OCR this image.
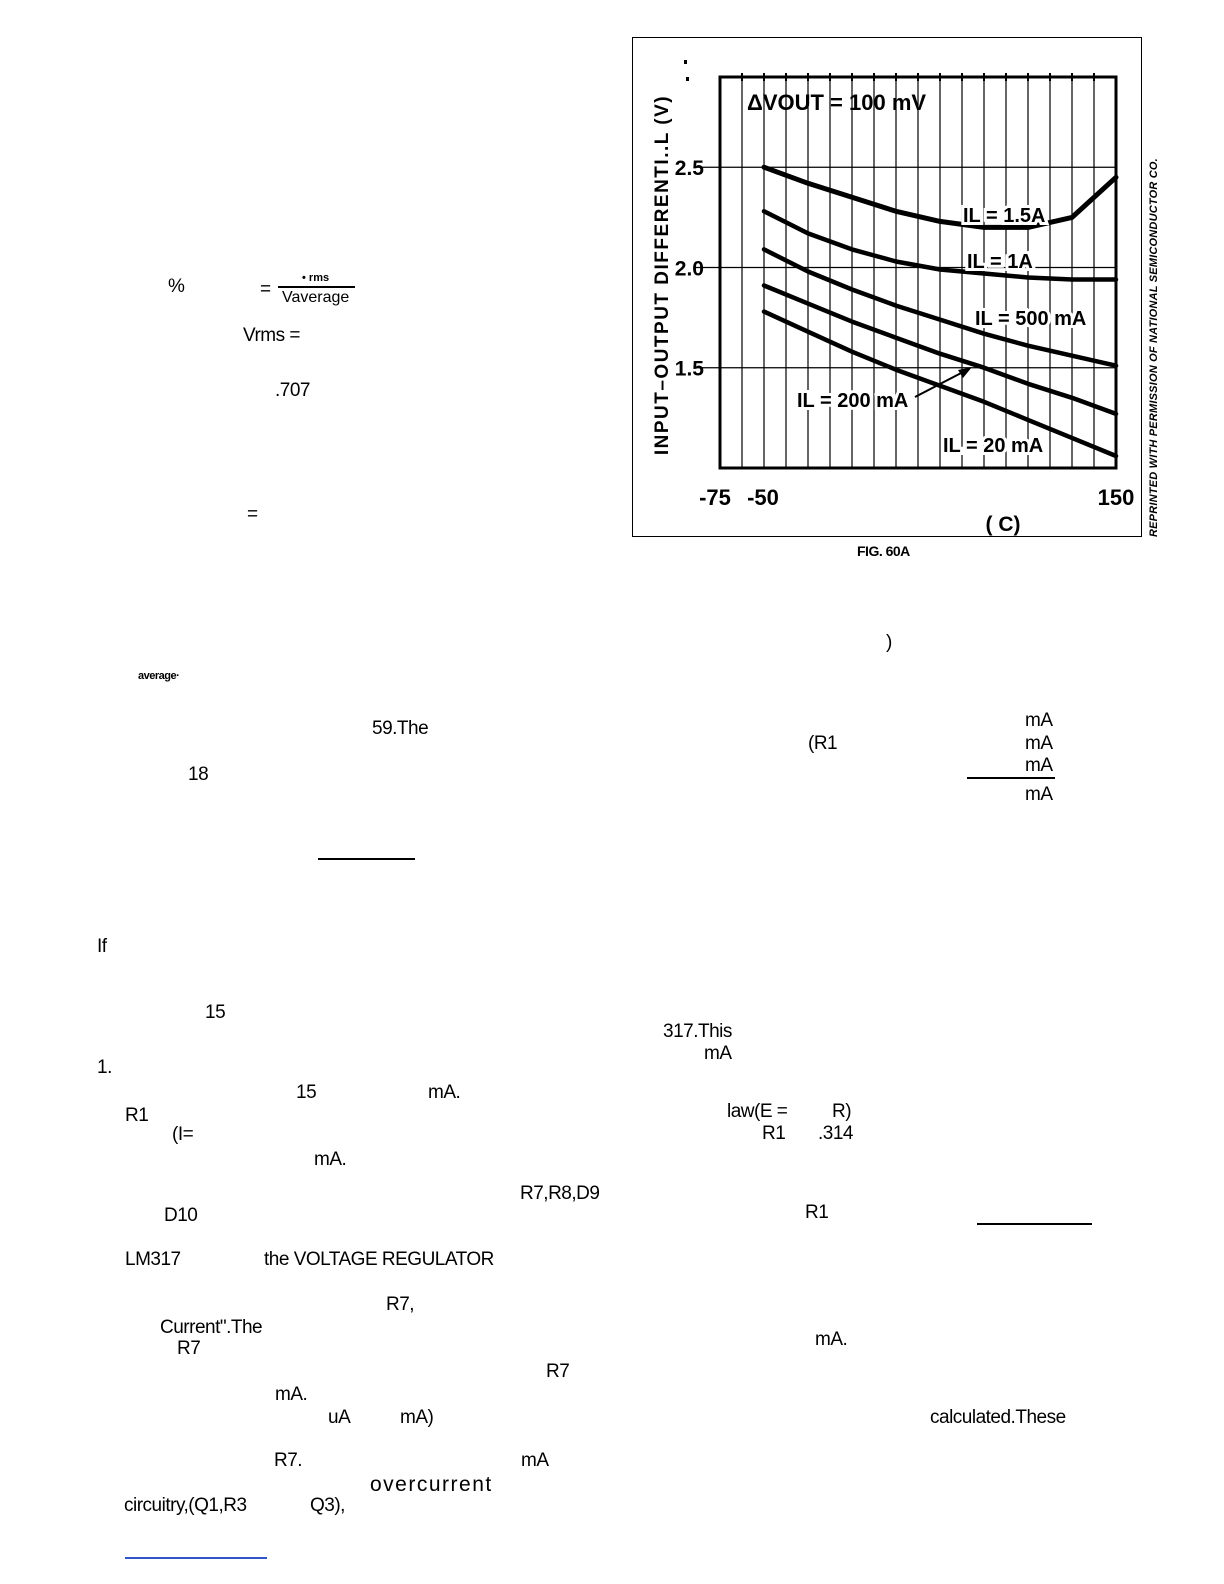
%	=
• rms
Vaverage
Vrms =
.707
=
average·
59.The
18
If
15
1.
15	mA.
R1
(I=
mA.
R7,R8,D9
D10
LM317	the VOLTAGE REGULATOR
R7,
Current".The
R7
R7
mA.
uA	mA)
R7.	mA
overcurrent
circuitry,(Q1,R3	Q3),
)
mA
(R1	mA
mA
mA
317.This
mA
law(E = R)
R1 .314
R1
mA.
calculated.These
2.5
2.0
1.5
-75 -50	150
( C)
INPUT–OUTPUT DIFFERENTI..L (V)	ΔVOUT = 100 mV
IL = 1.5A
IL = 1A
IL = 500 mA
IL = 200 mA
IL = 20 mA	REPRINTED WITH PERMISSION OF NATIONAL SEMICONDUCTOR CO.
FIG. 60A
